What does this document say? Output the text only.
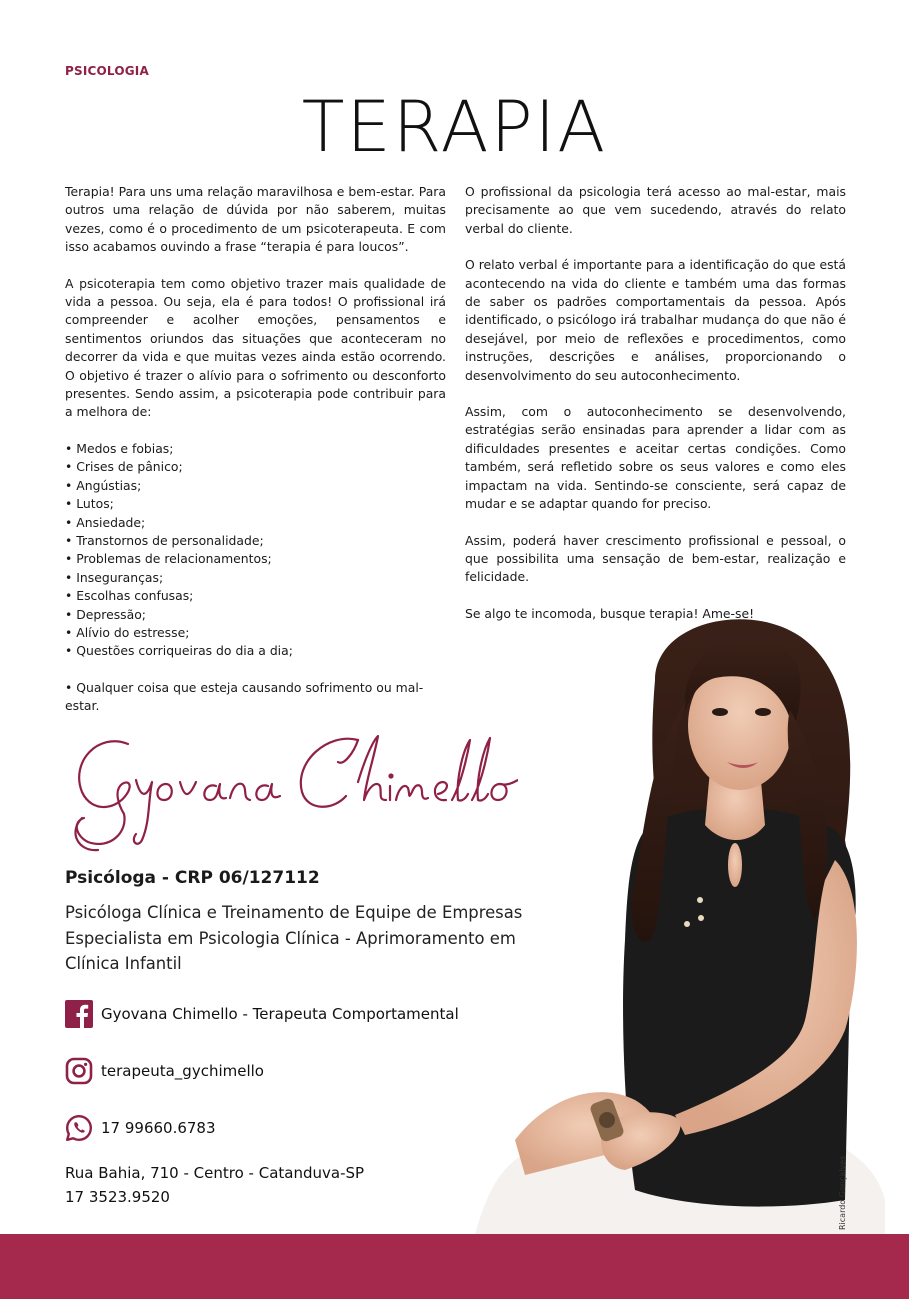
PSICOLOGIA
TERAPIA

Terapia! Para uns uma relação maravilhosa e bem-estar. Para outros uma relação de dúvida por não saberem, muitas vezes, como é o procedimento de um psicoterapeuta. E com isso acabamos ouvindo a frase “terapia é para loucos”.

A psicoterapia tem como objetivo trazer mais qualidade de vida a pessoa. Ou seja, ela é para todos! O profissional irá compreender e acolher emoções, pensamentos e sentimentos oriundos das situações que aconteceram no decorrer da vida e que muitas vezes ainda estão ocorrendo. O objetivo é trazer o alívio para o sofrimento ou desconforto presentes. Sendo assim, a psicoterapia pode contribuir para a melhora de:

• Medos e fobias;
• Crises de pânico;
• Angústias;
• Lutos;
• Ansiedade;
• Transtornos de personalidade;
• Problemas de relacionamentos;
• Inseguranças;
• Escolhas confusas;
• Depressão;
• Alívio do estresse;
• Questões corriqueiras do dia a dia;
• Qualquer coisa que esteja causando sofrimento ou mal-estar.

O profissional da psicologia terá acesso ao mal-estar, mais precisamente ao que vem sucedendo, através do relato verbal do cliente.

O relato verbal é importante para a identificação do que está acontecendo na vida do cliente e também uma das formas de saber os padrões comportamentais da pessoa. Após identificado, o psicólogo irá trabalhar mudança do que não é desejável, por meio de reflexões e procedimentos, como instruções, descrições e análises, proporcionando o desenvolvimento do seu autoconhecimento.

Assim, com o autoconhecimento se desenvolvendo, estratégias serão ensinadas para aprender a lidar com as dificuldades presentes e aceitar certas condições. Como também, será refletido sobre os seus valores e como eles impactam na vida. Sentindo-se consciente, será capaz de mudar e se adaptar quando for preciso.

Assim, poderá haver crescimento profissional e pessoal, o que possibilita uma sensação de bem-estar, realização e felicidade.

Se algo te incomoda, busque terapia! Ame-se!

Psicóloga - CRP 06/127112
Psicóloga Clínica e Treinamento de Equipe de Empresas
Especialista em Psicologia Clínica - Aprimoramento em
Clínica Infantil
Gyovana Chimello - Terapeuta Comportamental
terapeuta_gychimello
17 99660.6783
Rua Bahia, 710 - Centro - Catanduva-SP
17 3523.9520	Ricardo Gonçalves
